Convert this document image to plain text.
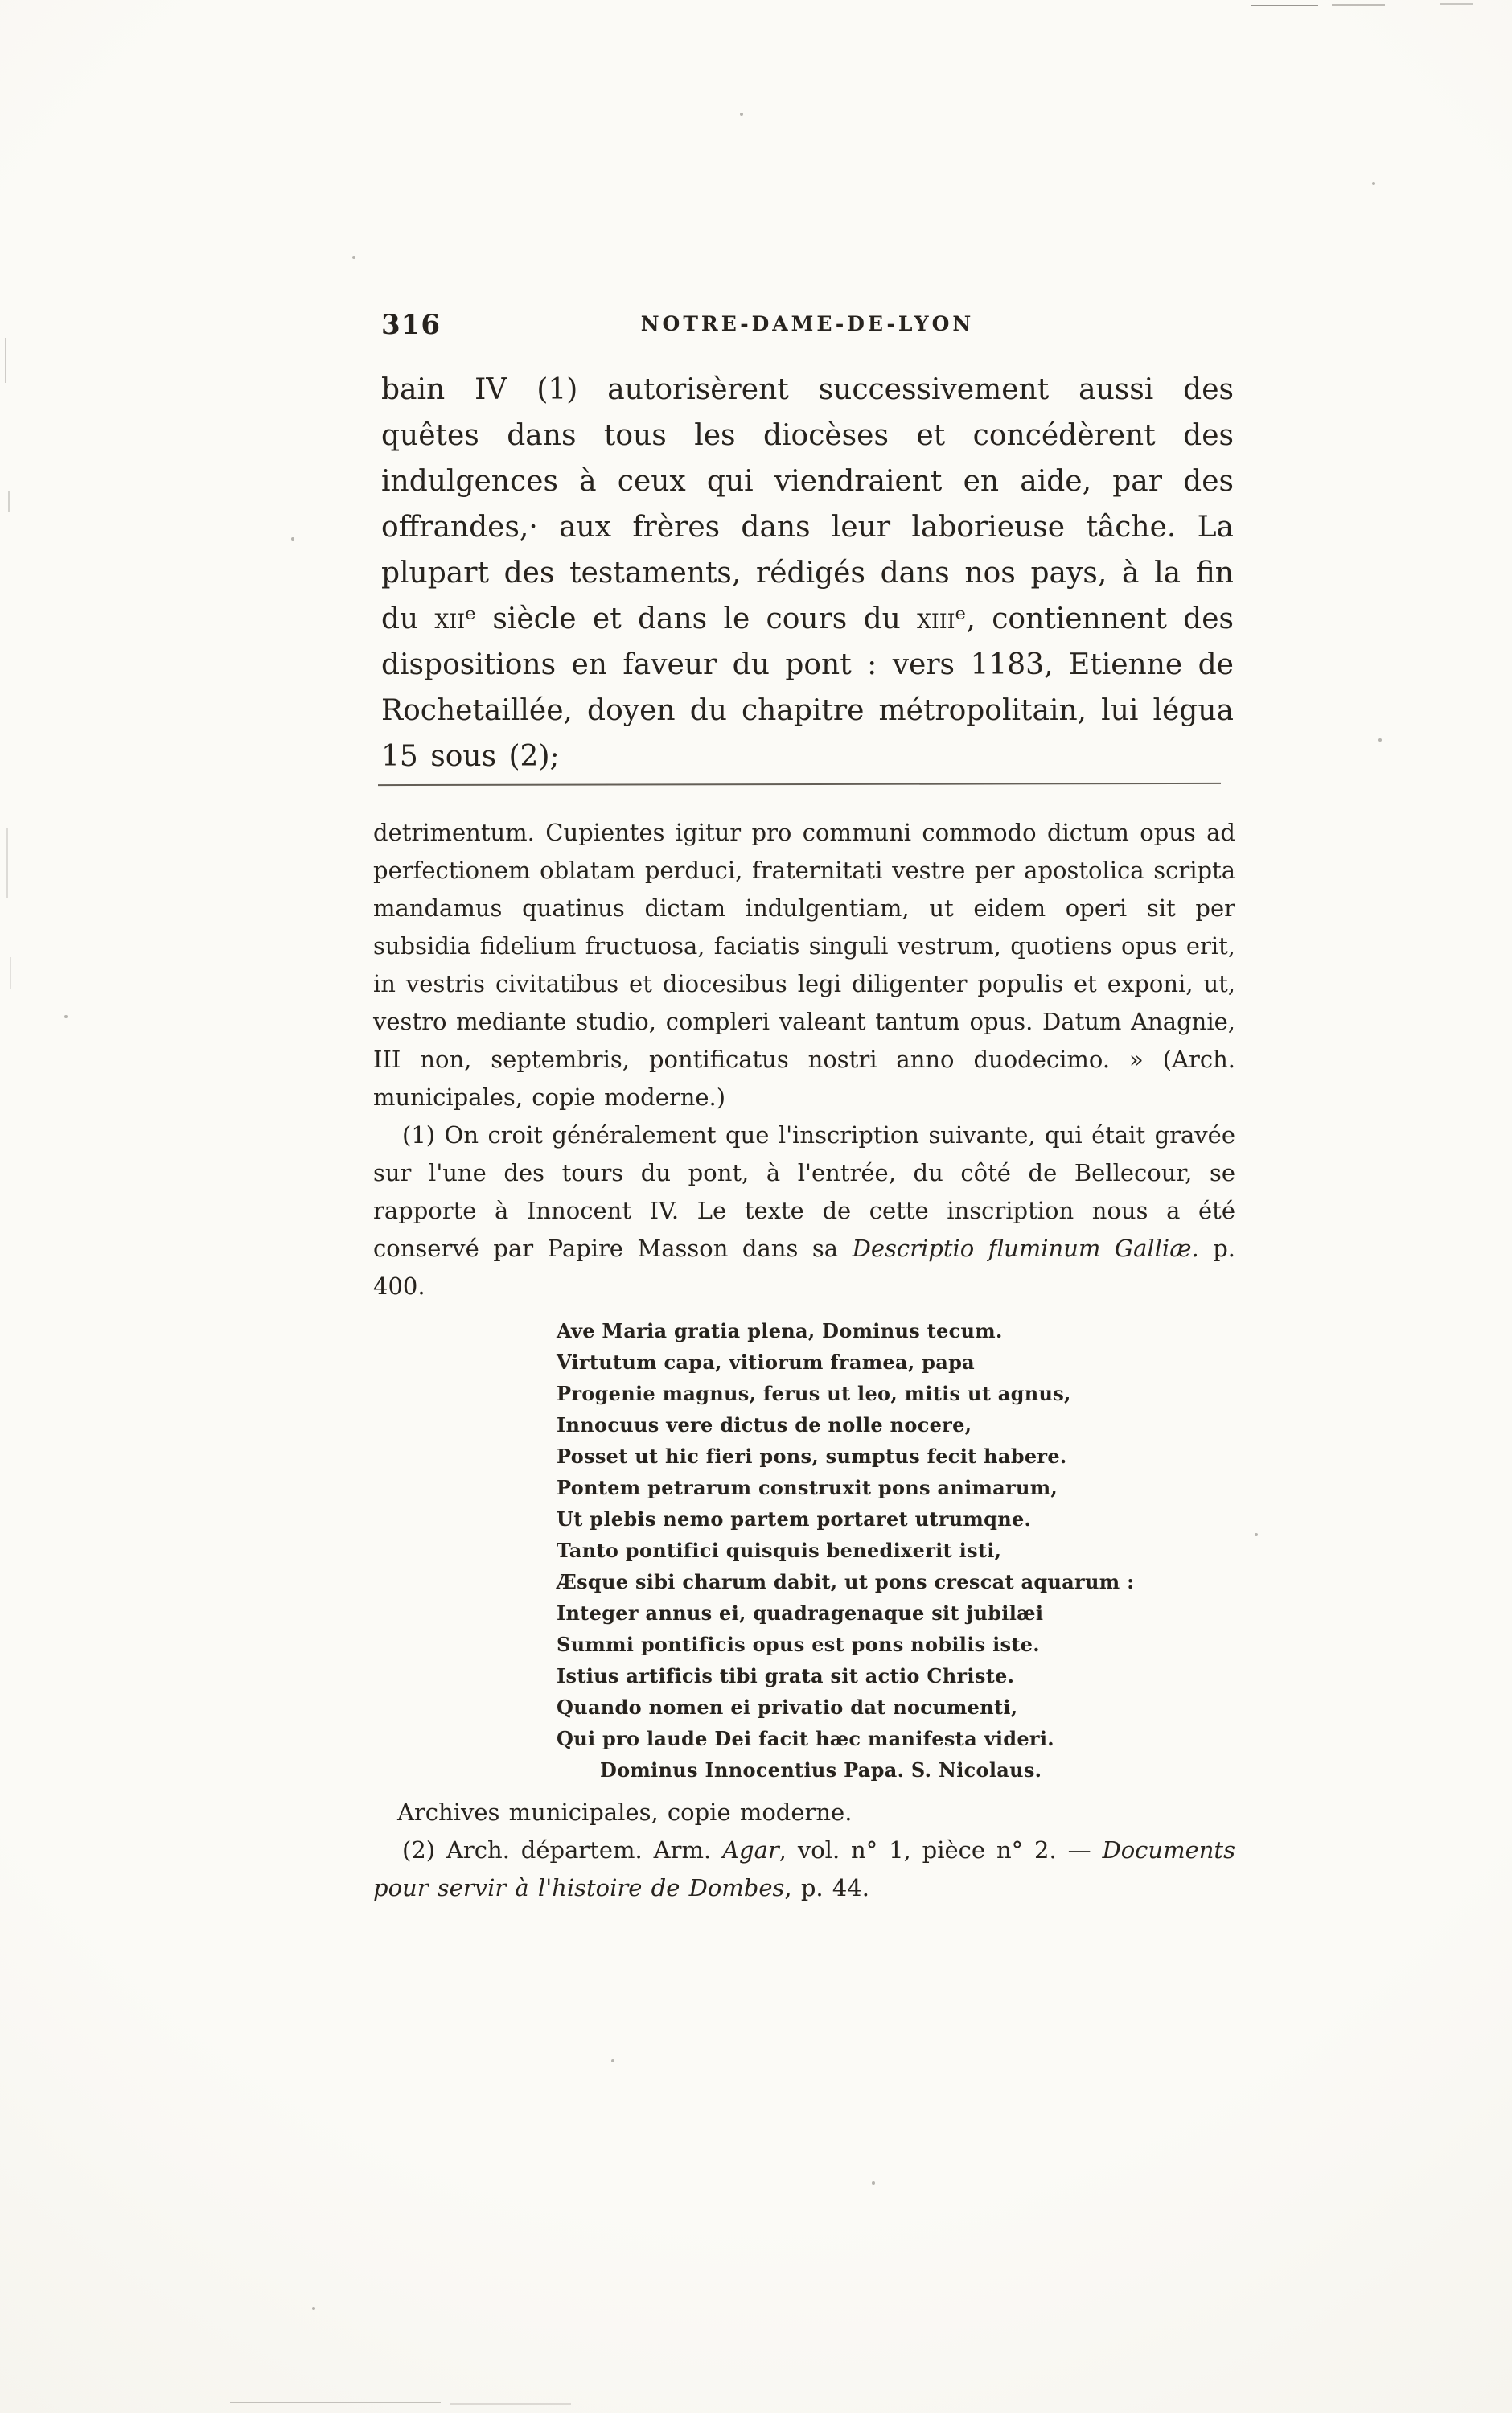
316	NOTRE-DAME-DE-LYON

bain IV (1) autorisèrent successivement aussi des quêtes dans tous les diocèses et concédèrent des indulgences à ceux qui viendraient en aide, par des offrandes,· aux frères dans leur laborieuse tâche. La plupart des testaments, rédigés dans nos pays, à la fin du xiiᵉ siècle et dans le cours du xiiiᵉ, contiennent des dispositions en faveur du pont : vers 1183, Etienne de Rochetaillée, doyen du chapitre métropolitain, lui légua 15 sous (2);

detrimentum. Cupientes igitur pro communi commodo dictum opus ad perfectionem oblatam perduci, fraternitati vestre per apostolica scripta mandamus quatinus dictam indulgentiam, ut eidem operi sit per subsidia fidelium fructuosa, faciatis singuli vestrum, quotiens opus erit, in vestris civitatibus et diocesibus legi diligenter populis et exponi, ut, vestro mediante studio, compleri valeant tantum opus. Datum Anagnie, III non, septembris, pontificatus nostri anno duodecimo. » (Arch. municipales, copie moderne.)

(1) On croit généralement que l'inscription suivante, qui était gravée sur l'une des tours du pont, à l'entrée, du côté de Bellecour, se rapporte à Innocent IV. Le texte de cette inscription nous a été conservé par Papire Masson dans sa Descriptio fluminum Galliæ. p. 400.

Ave Maria gratia plena, Dominus tecum.
Virtutum capa, vitiorum framea, papa
Progenie magnus, ferus ut leo, mitis ut agnus,
Innocuus vere dictus de nolle nocere,
Posset ut hic fieri pons, sumptus fecit habere.
Pontem petrarum construxit pons animarum,
Ut plebis nemo partem portaret utrumqne.
Tanto pontifici quisquis benedixerit isti,
Æsque sibi charum dabit, ut pons crescat aquarum :
Integer annus ei, quadragenaque sit jubilæi
Summi pontificis opus est pons nobilis iste.
Istius artificis tibi grata sit actio Christe.
Quando nomen ei privatio dat nocumenti,
Qui pro laude Dei facit hæc manifesta videri.
Dominus Innocentius Papa. S. Nicolaus.

Archives municipales, copie moderne.

(2) Arch. départem. Arm. Agar, vol. n° 1, pièce n° 2. — Documents pour servir à l'histoire de Dombes, p. 44.
